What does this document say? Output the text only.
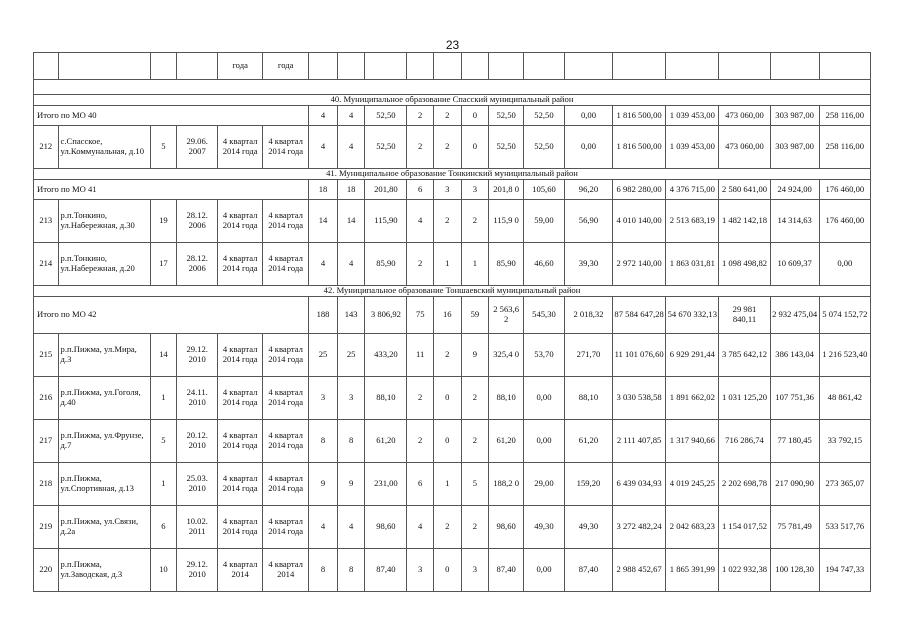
23
				года	года														

40. Муниципальное образование Спасский муниципальный район																			
Итого по МО 40						4	4	52,50	2	2	0	52,50	52,50	0,00	1 816 500,00	1 039 453,00	473 060,00	303 987,00	258 116,00
212	с.Спасское, ул.Коммунальная, д.10	5	29.06. 2007	4 квартал 2014 года	4 квартал 2014 года	4	4	52,50	2	2	0	52,50	52,50	0,00	1 816 500,00	1 039 453,00	473 060,00	303 987,00	258 116,00
41. Муниципальное образование Тонкинский муниципальный район																			
Итого по МО 41						18	18	201,80	6	3	3	201,8 0	105,60	96,20	6 982 280,00	4 376 715,00	2 580 641,00	24 924,00	176 460,00
213	р.п.Тонкино, ул.Набережная, д.30	19	28.12. 2006	4 квартал 2014 года	4 квартал 2014 года	14	14	115,90	4	2	2	115,9 0	59,00	56,90	4 010 140,00	2 513 683,19	1 482 142,18	14 314,63	176 460,00
214	р.п.Тонкино, ул.Набережная, д.20	17	28.12. 2006	4 квартал 2014 года	4 квартал 2014 года	4	4	85,90	2	1	1	85,90	46,60	39,30	2 972 140,00	1 863 031,81	1 098 498,82	10 609,37	0,00
42. Муниципальное образование Тоншаевский муниципальный район																			
Итого по МО 42						188	143	3 806,92	75	16	59	2 563,6 2	545,30	2 018,32	87 584 647,28	54 670 332,13	29 981 840,11	2 932 475,04	5 074 152,72
215	р.п.Пижма, ул.Мира, д.3	14	29.12. 2010	4 квартал 2014 года	4 квартал 2014 года	25	25	433,20	11	2	9	325,4 0	53,70	271,70	11 101 076,60	6 929 291,44	3 785 642,12	386 143,04	1 216 523,40
216	р.п.Пижма, ул.Гоголя, д.40	1	24.11. 2010	4 квартал 2014 года	4 квартал 2014 года	3	3	88,10	2	0	2	88,10	0,00	88,10	3 030 538,58	1 891 662,02	1 031 125,20	107 751,36	48 861,42
217	р.п.Пижма, ул.Фрунзе, д.7	5	20.12. 2010	4 квартал 2014 года	4 квартал 2014 года	8	8	61,20	2	0	2	61,20	0,00	61,20	2 111 407,85	1 317 940,66	716 286,74	77 180,45	33 792,15
218	р.п.Пижма, ул.Спортивная, д.13	1	25.03. 2010	4 квартал 2014 года	4 квартал 2014 года	9	9	231,00	6	1	5	188,2 0	29,00	159,20	6 439 034,93	4 019 245,25	2 202 698,78	217 090,90	273 365,07
219	р.п.Пижма, ул.Связи, д.2а	6	10.02. 2011	4 квартал 2014 года	4 квартал 2014 года	4	4	98,60	4	2	2	98,60	49,30	49,30	3 272 482,24	2 042 683,23	1 154 017,52	75 781,49	533 517,76
220	р.п.Пижма, ул.Заводская, д.3	10	29.12. 2010	4 квартал 2014	4 квартал 2014	8	8	87,40	3	0	3	87,40	0,00	87,40	2 988 452,67	1 865 391,99	1 022 932,38	100 128,30	194 747,33
